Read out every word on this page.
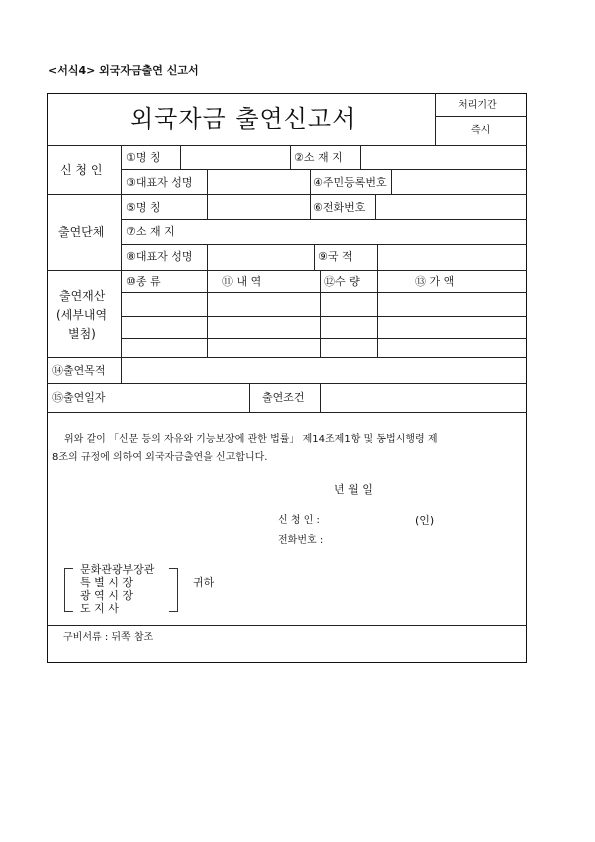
<서식4> 외국자금출연 신고서
외국자금 출연신고서	처리기간
즉시
신 청 인
①명 칭	②소 재 지
③대표자 성명	④주민등록번호
출연단체
⑤명 칭	⑥전화번호
⑦소 재 지
⑧대표자 성명	⑨국 적
출연재산
(세부내역
별첨)
⑩종 류	⑪ 내 역	⑫수 량	⑬ 가 액
⑭출연목적
⑮출연일자	출연조건
위와 같이 「신문 등의 자유와 기능보장에 관한 법률」 제14조제1항 및 동법시행령 제
8조의 규정에 의하여 외국자금출연을 신고합니다.
년 월 일
신 청 인 :	(인)
전화번호 :
문화관광부장관
특 별 시 장
광 역 시 장
도 지 사
귀하
구비서류 : 뒤쪽 참조
